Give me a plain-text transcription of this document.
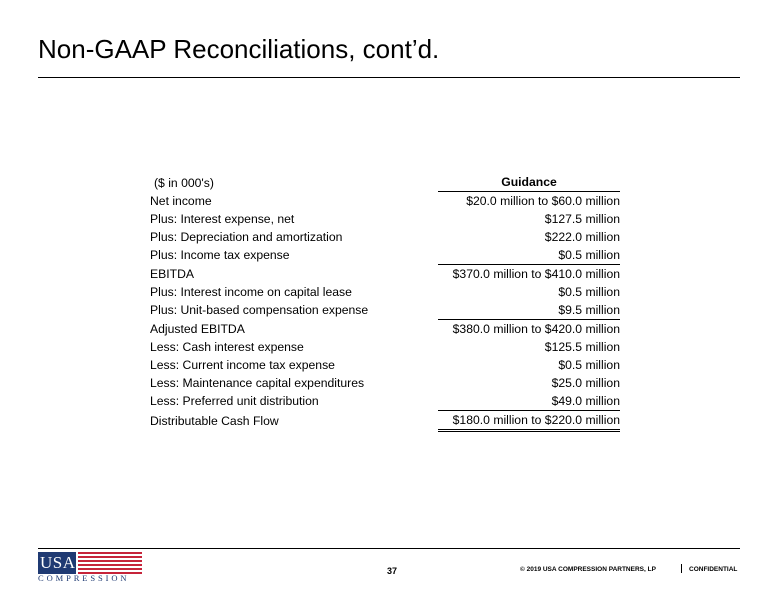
Non-GAAP Reconciliations, cont’d.
($ in 000's)	Guidance
Net income	$20.0 million to $60.0 million
Plus: Interest expense, net	$127.5 million
Plus: Depreciation and amortization	$222.0 million
Plus: Income tax expense	$0.5 million
EBITDA	$370.0 million to $410.0 million
Plus: Interest income on capital lease	$0.5 million
Plus: Unit-based compensation expense	$9.5 million
Adjusted EBITDA	$380.0 million to $420.0 million
Less: Cash interest expense	$125.5 million
Less: Current income tax expense	$0.5 million
Less: Maintenance capital expenditures	$25.0 million
Less: Preferred unit distribution	$49.0 million
Distributable Cash Flow	$180.0 million to $220.0 million
USA
COMPRESSION
37	© 2019 USA COMPRESSION PARTNERS, LP	CONFIDENTIAL
